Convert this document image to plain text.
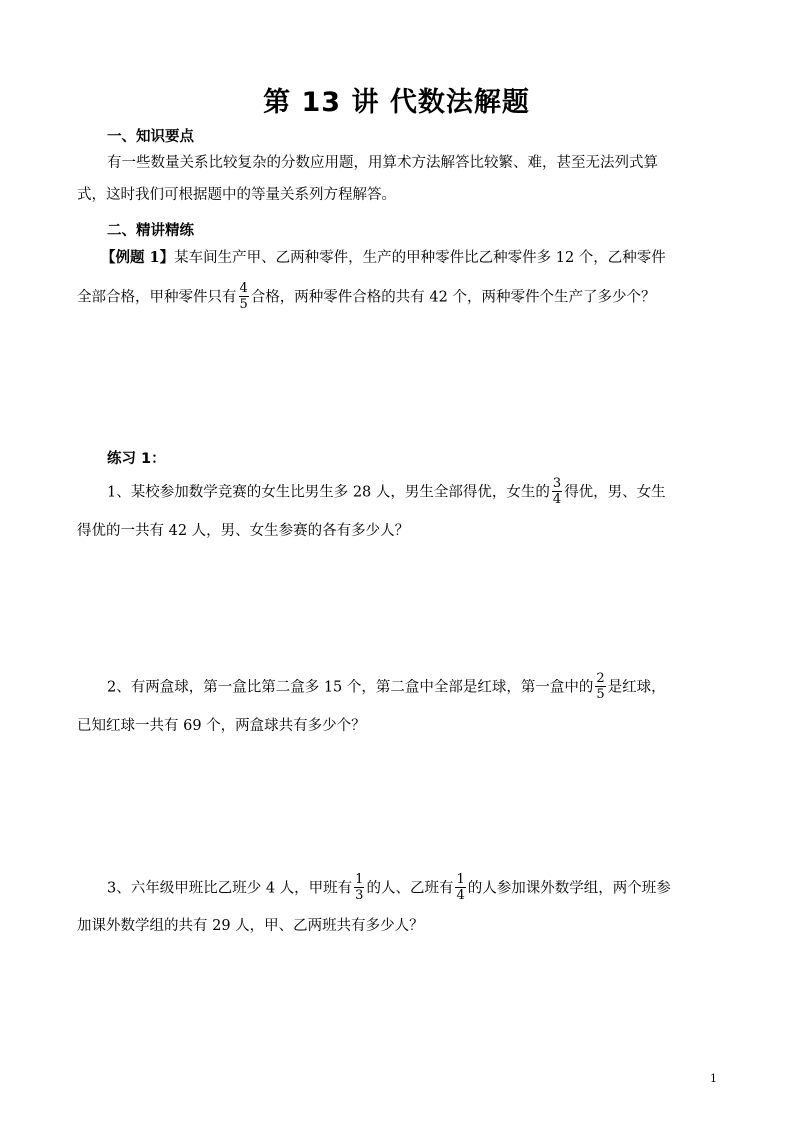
第 13 讲 代数法解题
一、知识要点
有一些数量关系比较复杂的分数应用题，用算术方法解答比较繁、难，甚至无法列式算
式，这时我们可根据题中的等量关系列方程解答。
二、精讲精练
【例题 1】某车间生产甲、乙两种零件，生产的甲种零件比乙种零件多 12 个，乙种零件
全部合格，甲种零件只有 $\frac{4}{5}$ 合格，两种零件合格的共有 42 个，两种零件个生产了多少个？
练习 1：
1、某校参加数学竞赛的女生比男生多 28 人，男生全部得优，女生的 $\frac{3}{4}$ 得优，男、女生
得优的一共有 42 人，男、女生参赛的各有多少人？
2、有两盒球，第一盒比第二盒多 15 个，第二盒中全部是红球，第一盒中的 $\frac{2}{5}$ 是红球，
已知红球一共有 69 个，两盒球共有多少个？
3、六年级甲班比乙班少 4 人，甲班有 $\frac{1}{3}$ 的人、乙班有 $\frac{1}{4}$ 的人参加课外数学组，两个班参
加课外数学组的共有 29 人，甲、乙两班共有多少人？
1
